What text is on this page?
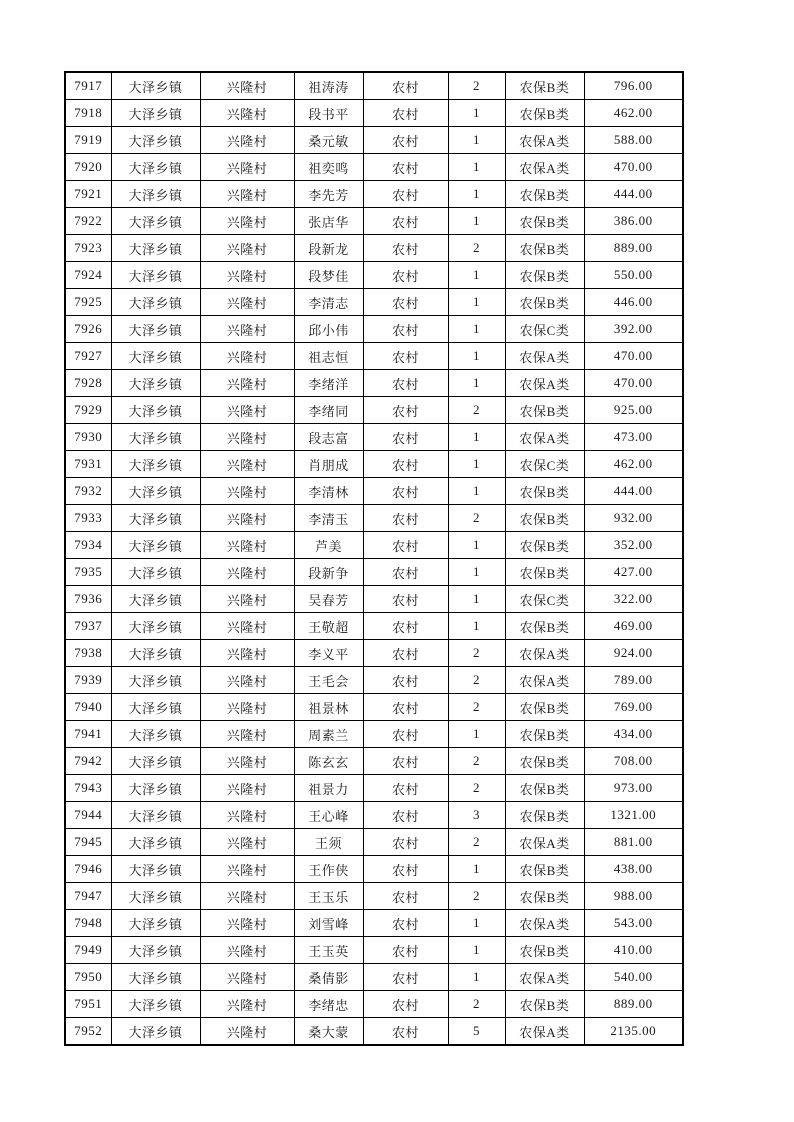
7917	大泽乡镇	兴隆村	祖涛涛	农村	2	农保B类	796.00
7918	大泽乡镇	兴隆村	段书平	农村	1	农保B类	462.00
7919	大泽乡镇	兴隆村	桑元敏	农村	1	农保A类	588.00
7920	大泽乡镇	兴隆村	祖奕鸣	农村	1	农保A类	470.00
7921	大泽乡镇	兴隆村	李先芳	农村	1	农保B类	444.00
7922	大泽乡镇	兴隆村	张店华	农村	1	农保B类	386.00
7923	大泽乡镇	兴隆村	段新龙	农村	2	农保B类	889.00
7924	大泽乡镇	兴隆村	段梦佳	农村	1	农保B类	550.00
7925	大泽乡镇	兴隆村	李清志	农村	1	农保B类	446.00
7926	大泽乡镇	兴隆村	邱小伟	农村	1	农保C类	392.00
7927	大泽乡镇	兴隆村	祖志恒	农村	1	农保A类	470.00
7928	大泽乡镇	兴隆村	李绪洋	农村	1	农保A类	470.00
7929	大泽乡镇	兴隆村	李绪同	农村	2	农保B类	925.00
7930	大泽乡镇	兴隆村	段志富	农村	1	农保A类	473.00
7931	大泽乡镇	兴隆村	肖朋成	农村	1	农保C类	462.00
7932	大泽乡镇	兴隆村	李清林	农村	1	农保B类	444.00
7933	大泽乡镇	兴隆村	李清玉	农村	2	农保B类	932.00
7934	大泽乡镇	兴隆村	芦美	农村	1	农保B类	352.00
7935	大泽乡镇	兴隆村	段新争	农村	1	农保B类	427.00
7936	大泽乡镇	兴隆村	吴春芳	农村	1	农保C类	322.00
7937	大泽乡镇	兴隆村	王敬超	农村	1	农保B类	469.00
7938	大泽乡镇	兴隆村	李义平	农村	2	农保A类	924.00
7939	大泽乡镇	兴隆村	王毛会	农村	2	农保A类	789.00
7940	大泽乡镇	兴隆村	祖景林	农村	2	农保B类	769.00
7941	大泽乡镇	兴隆村	周素兰	农村	1	农保B类	434.00
7942	大泽乡镇	兴隆村	陈玄玄	农村	2	农保B类	708.00
7943	大泽乡镇	兴隆村	祖景力	农村	2	农保B类	973.00
7944	大泽乡镇	兴隆村	王心峰	农村	3	农保B类	1321.00
7945	大泽乡镇	兴隆村	王须	农村	2	农保A类	881.00
7946	大泽乡镇	兴隆村	王作侠	农村	1	农保B类	438.00
7947	大泽乡镇	兴隆村	王玉乐	农村	2	农保B类	988.00
7948	大泽乡镇	兴隆村	刘雪峰	农村	1	农保A类	543.00
7949	大泽乡镇	兴隆村	王玉英	农村	1	农保B类	410.00
7950	大泽乡镇	兴隆村	桑倩影	农村	1	农保A类	540.00
7951	大泽乡镇	兴隆村	李绪忠	农村	2	农保B类	889.00
7952	大泽乡镇	兴隆村	桑大蒙	农村	5	农保A类	2135.00
